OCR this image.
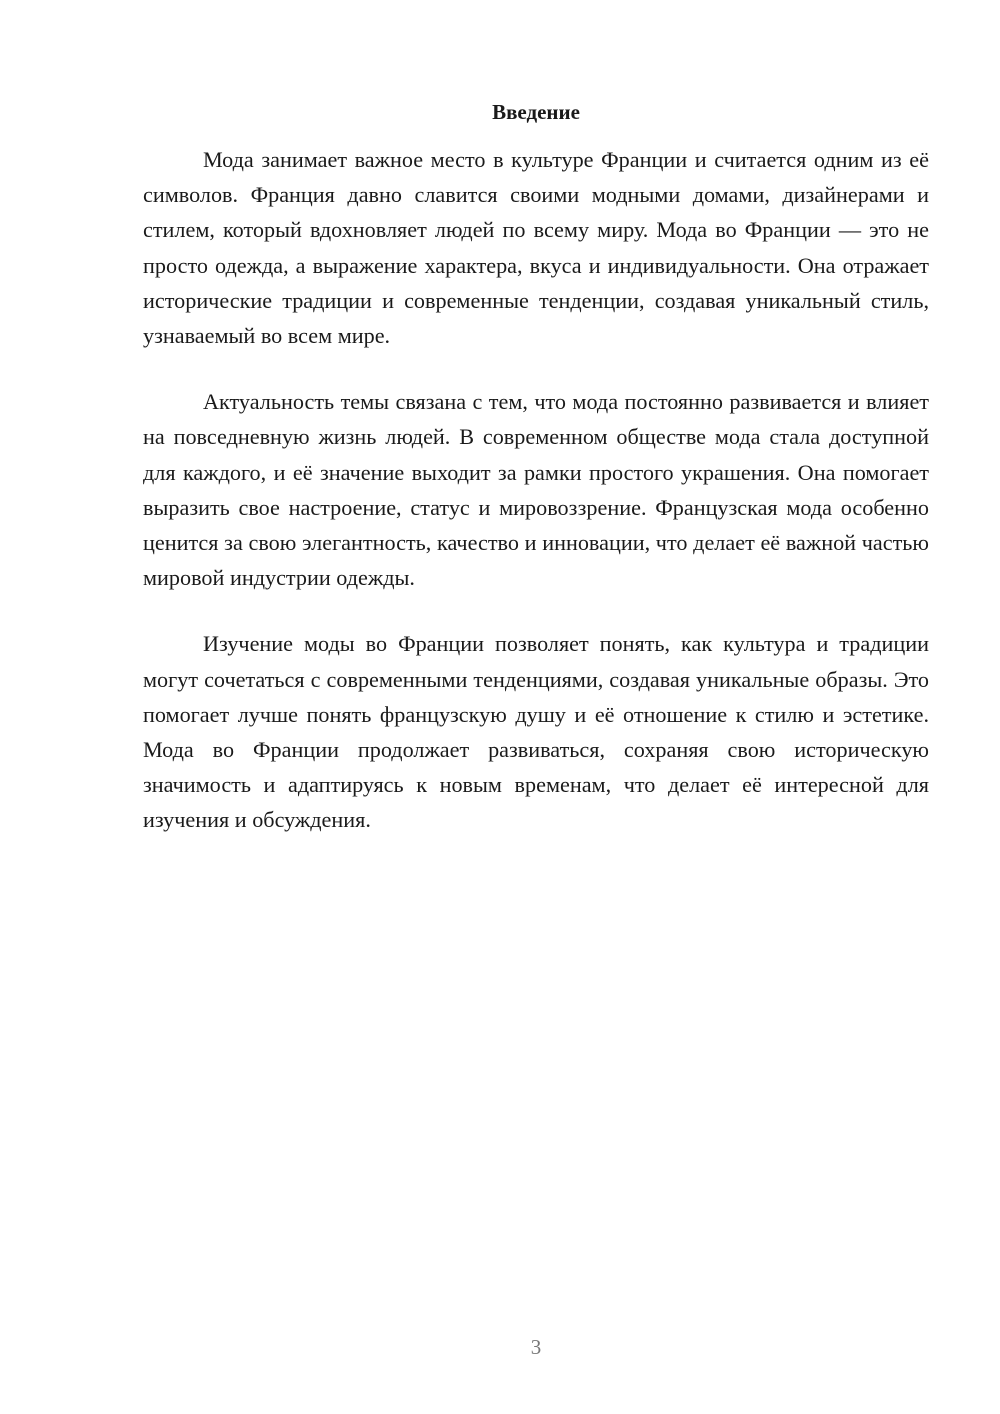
Введение

Мода занимает важное место в культуре Франции и считается одним из её символов. Франция давно славится своими модными домами, дизайнерами и стилем, который вдохновляет людей по всему миру. Мода во Франции — это не просто одежда, а выражение характера, вкуса и индивидуальности. Она отражает исторические традиции и современные тенденции, создавая уникальный стиль, узнаваемый во всем мире.

Актуальность темы связана с тем, что мода постоянно развивается и влияет на повседневную жизнь людей. В современном обществе мода стала доступной для каждого, и её значение выходит за рамки простого украшения. Она помогает выразить свое настроение, статус и мировоззрение. Французская мода особенно ценится за свою элегантность, качество и инновации, что делает её важной частью мировой индустрии одежды.

Изучение моды во Франции позволяет понять, как культура и традиции могут сочетаться с современными тенденциями, создавая уникальные образы. Это помогает лучше понять французскую душу и её отношение к стилю и эстетике. Мода во Франции продолжает развиваться, сохраняя свою историческую значимость и адаптируясь к новым временам, что делает её интересной для изучения и обсуждения.

3
